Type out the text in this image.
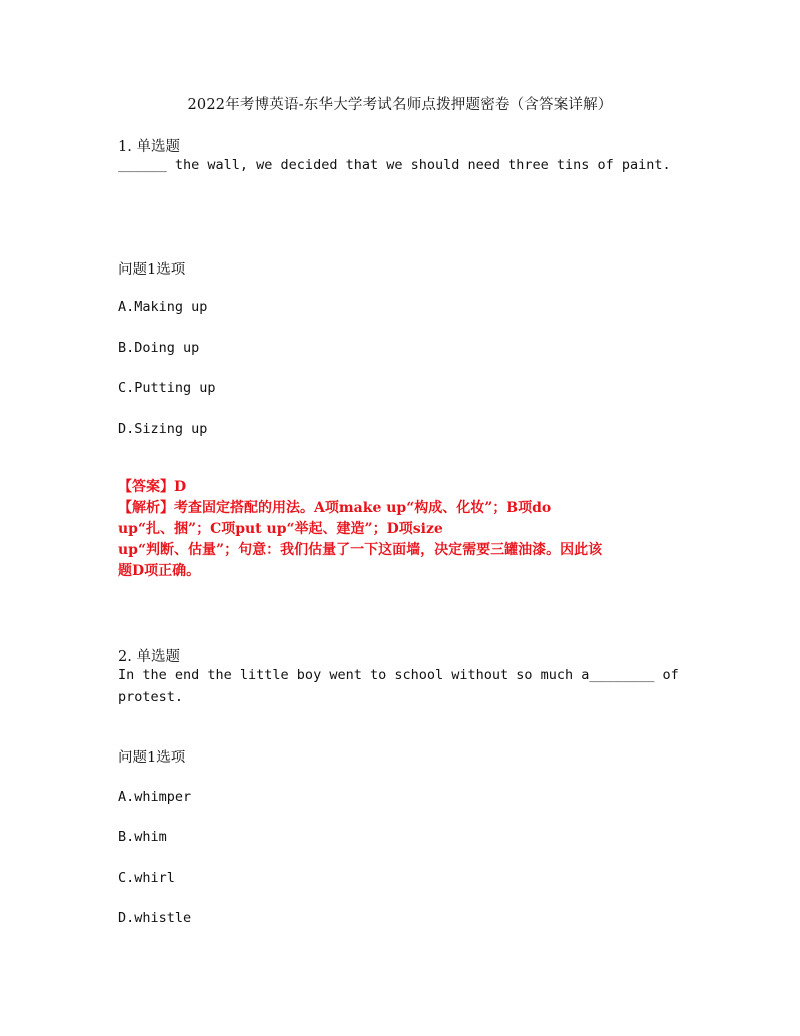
2022年考博英语-东华大学考试名师点拨押题密卷（含答案详解）
1. 单选题
______ the wall, we decided that we should need three tins of paint.
问题1选项
A.Making up
B.Doing up
C.Putting up
D.Sizing up
【答案】D
【解析】考查固定搭配的用法。A项make up“构成、化妆”；B项do
up“扎、捆”；C项put up“举起、建造”；D项size
up“判断、估量”；句意：我们估量了一下这面墙，决定需要三罐油漆。因此该
题D项正确。
2. 单选题
In the end the little boy went to school without so much a________ of
protest.
问题1选项
A.whimper
B.whim
C.whirl
D.whistle
